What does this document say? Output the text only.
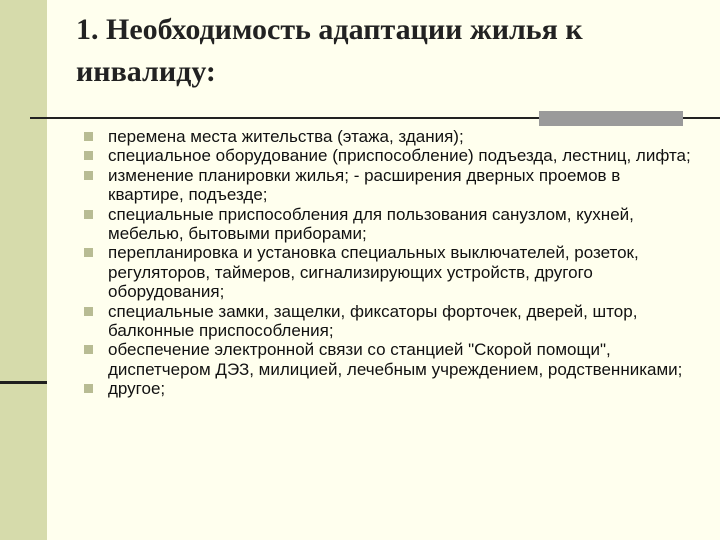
1. Необходимость адаптации жилья к инвалиду:
перемена места жительства (этажа, здания);
специальное оборудование (приспособление) подъезда, лестниц, лифта;
изменение планировки жилья; - расширения дверных проемов в квартире, подъезде;
специальные приспособления для пользования санузлом, кухней, мебелью, бытовыми приборами;
перепланировка и установка специальных выключателей, розеток, регуляторов, таймеров, сигнализирующих устройств, другого оборудования;
специальные замки, защелки, фиксаторы форточек, дверей, штор, балконные приспособления;
обеспечение электронной связи со станцией "Скорой помощи", диспетчером ДЭЗ, милицией, лечебным учреждением, родственниками;
другое;
